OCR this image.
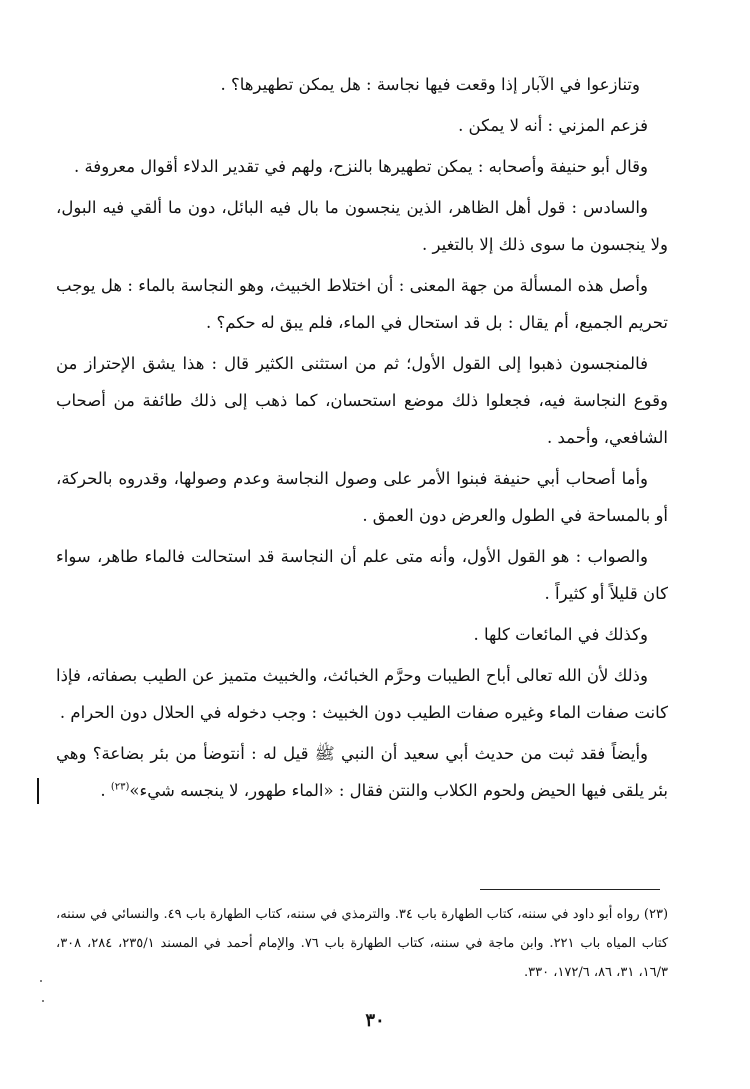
وتنازعوا في الآبار إذا وقعت فيها نجاسة : هل يمكن تطهيرها؟ .

فزعم المزني : أنه لا يمكن .

وقال أبو حنيفة وأصحابه : يمكن تطهيرها بالنزح، ولهم في تقدير الدلاء أقوال معروفة .

والسادس : قول أهل الظاهر، الذين ينجسون ما بال فيه البائل، دون ما ألقي فيه البول، ولا ينجسون ما سوى ذلك إلا بالتغير .

وأصل هذه المسألة من جهة المعنى : أن اختلاط الخبيث، وهو النجاسة بالماء : هل يوجب تحريم الجميع، أم يقال : بل قد استحال في الماء، فلم يبق له حكم؟ .

فالمنجسون ذهبوا إلى القول الأول؛ ثم من استثنى الكثير قال : هذا يشق الإحتراز من وقوع النجاسة فيه، فجعلوا ذلك موضع استحسان، كما ذهب إلى ذلك طائفة من أصحاب الشافعي، وأحمد .

وأما أصحاب أبي حنيفة فبنوا الأمر على وصول النجاسة وعدم وصولها، وقدروه بالحركة، أو بالمساحة في الطول والعرض دون العمق .

والصواب : هو القول الأول، وأنه متى علم أن النجاسة قد استحالت فالماء طاهر، سواء كان قليلاً أو كثيراً .

وكذلك في المائعات كلها .

وذلك لأن الله تعالى أباح الطيبات وحرَّم الخبائث، والخبيث متميز عن الطيب بصفاته، فإذا كانت صفات الماء وغيره صفات الطيب دون الخبيث : وجب دخوله في الحلال دون الحرام .

وأيضاً فقد ثبت من حديث أبي سعيد أن النبي ﷺ قيل له : أنتوضأ من بئر بضاعة؟ وهي بئر يلقى فيها الحيض ولحوم الكلاب والنتن فقال : «الماء طهور، لا ينجسه شيء»$^{(٢٣)}$ .

(٢٣) رواه أبو داود في سننه، كتاب الطهارة باب ٣٤. والترمذي في سننه، كتاب الطهارة باب ٤٩. والنسائي في سننه، كتاب المياه باب ٢٢١. وابن ماجة في سننه، كتاب الطهارة باب ٧٦. والإمام أحمد في المسند ٢٣٥/١، ٢٨٤، ٣٠٨، ١٦/٣، ٣١، ٨٦، ١٧٢/٦، ٣٣٠.
٣٠
